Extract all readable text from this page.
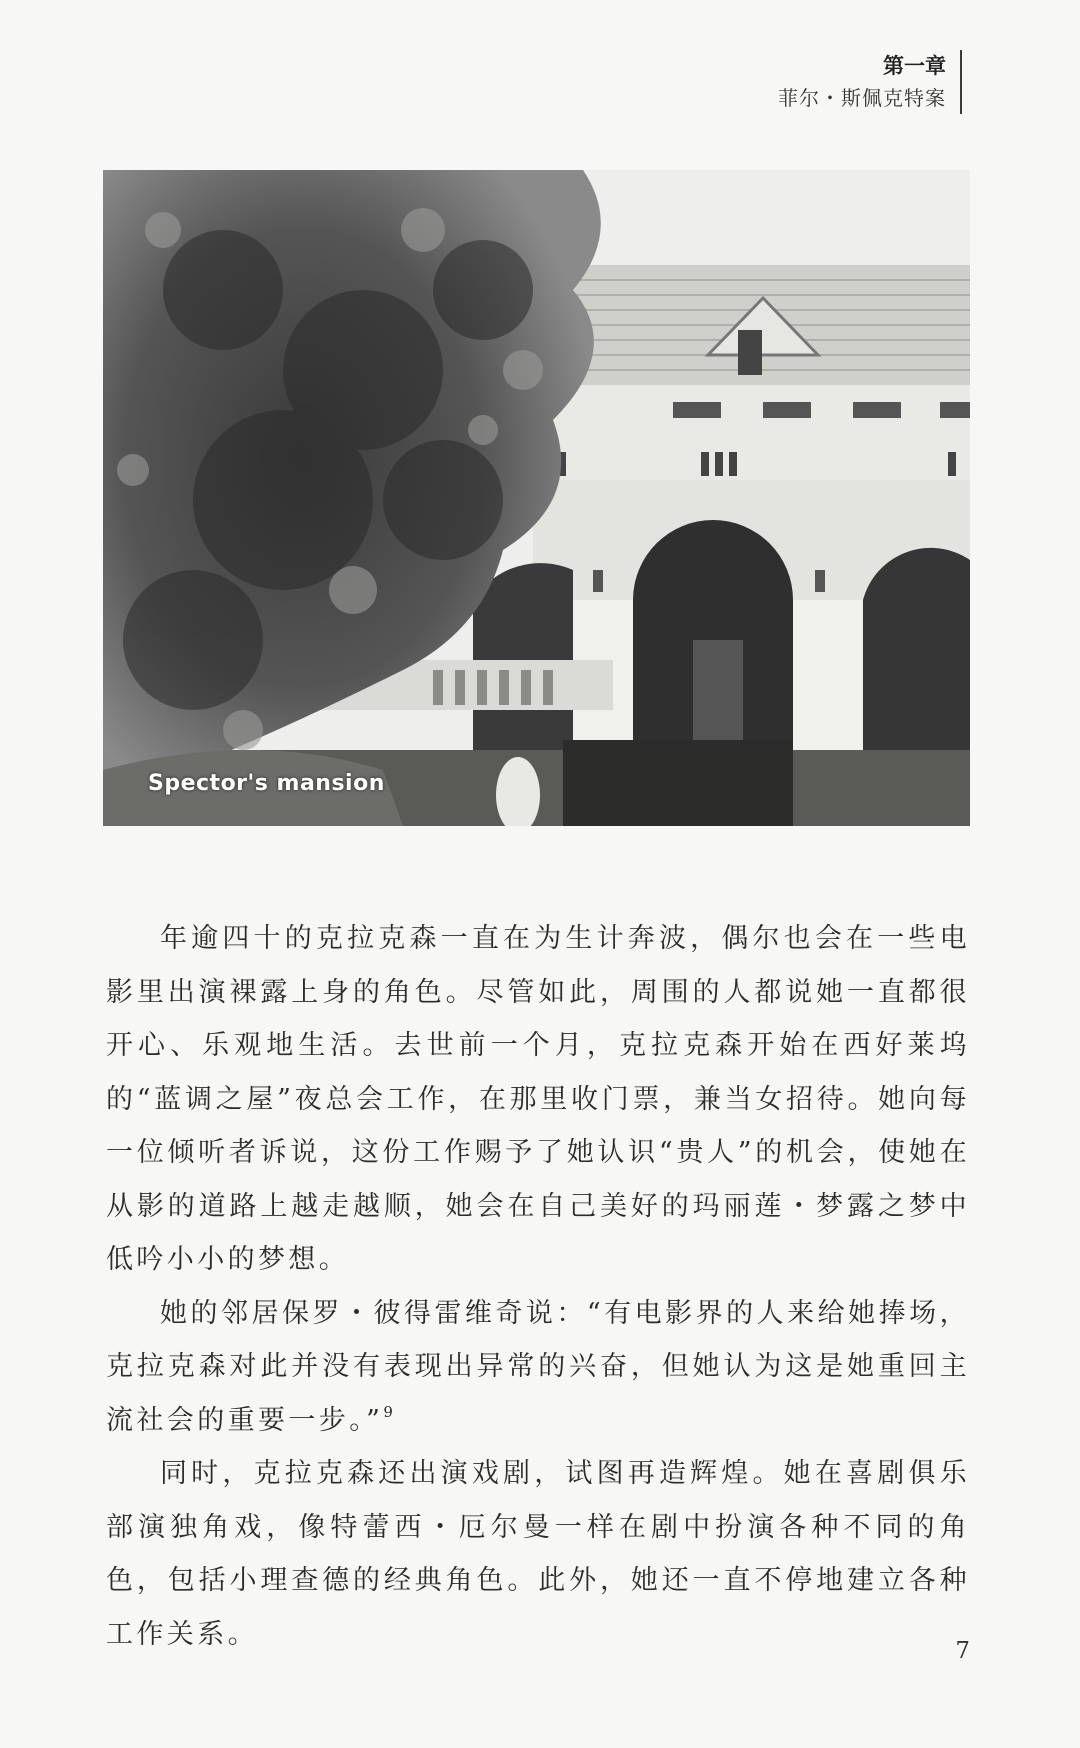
第一章
菲尔・斯佩克特案
Spector's mansion

年逾四十的克拉克森一直在为生计奔波，偶尔也会在一些电影里出演裸露上身的角色。尽管如此，周围的人都说她一直都很开心、乐观地生活。去世前一个月，克拉克森开始在西好莱坞的“蓝调之屋”夜总会工作，在那里收门票，兼当女招待。她向每一位倾听者诉说，这份工作赐予了她认识“贵人”的机会，使她在从影的道路上越走越顺，她会在自己美好的玛丽莲・梦露之梦中低吟小小的梦想。

她的邻居保罗・彼得雷维奇说：“有电影界的人来给她捧场，克拉克森对此并没有表现出异常的兴奋，但她认为这是她重回主流社会的重要一步。”$^9$

同时，克拉克森还出演戏剧，试图再造辉煌。她在喜剧俱乐部演独角戏，像特蕾西・厄尔曼一样在剧中扮演各种不同的角色，包括小理查德的经典角色。此外，她还一直不停地建立各种工作关系。

7
